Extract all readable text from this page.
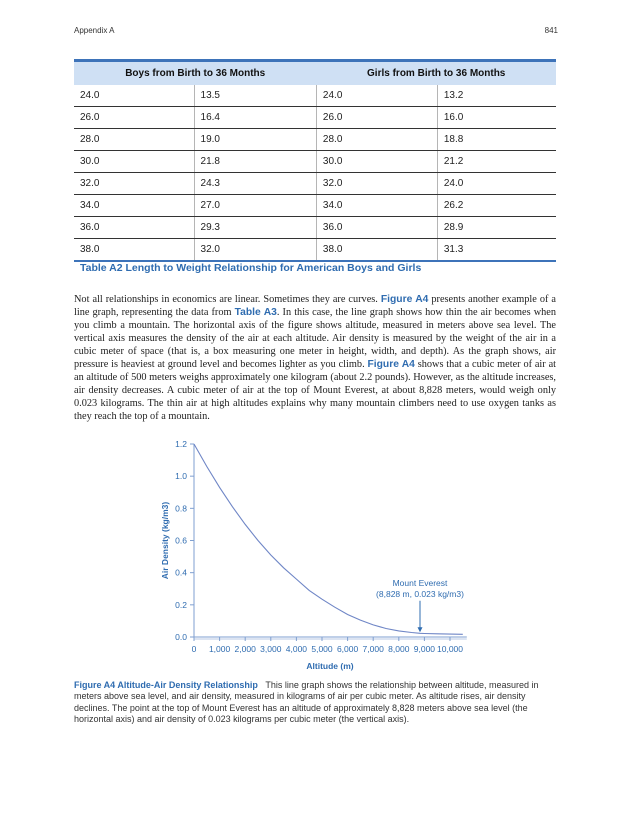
Appendix A	841
Boys from Birth to 36 Months		Girls from Birth to 36 Months	
24.0	13.5	24.0	13.2
26.0	16.4	26.0	16.0
28.0	19.0	28.0	18.8
30.0	21.8	30.0	21.2
32.0	24.3	32.0	24.0
34.0	27.0	34.0	26.2
36.0	29.3	36.0	28.9
38.0	32.0	38.0	31.3
Table A2 Length to Weight Relationship for American Boys and Girls

Not all relationships in economics are linear. Sometimes they are curves. Figure A4 presents another example of a line graph, representing the data from Table A3. In this case, the line graph shows how thin the air becomes when you climb a mountain. The horizontal axis of the figure shows altitude, measured in meters above sea level. The vertical axis measures the density of the air at each altitude. Air density is measured by the weight of the air in a cubic meter of space (that is, a box measuring one meter in height, width, and depth). As the graph shows, air pressure is heaviest at ground level and becomes lighter as you climb. Figure A4 shows that a cubic meter of air at an altitude of 500 meters weighs approximately one kilogram (about 2.2 pounds). However, as the altitude increases, air density decreases. A cubic meter of air at the top of Mount Everest, at about 8,828 meters, would weigh only 0.023 kilograms. The thin air at high altitudes explains why many mountain climbers need to use oxygen tanks as they reach the top of a mountain.

0.0
0.2
0.4
0.6
0.8
1.0
1.2
0 1,000 2,000 3,000 4,000 5,000 6,000 7,000 8,000 9,000 10,000
Altitude (m)
Air Density (kg/m3)
Mount Everest
(8,828 m, 0.023 kg/m3)

Figure A4 Altitude-Air Density Relationship This line graph shows the relationship between altitude, measured in meters above sea level, and air density, measured in kilograms of air per cubic meter. As altitude rises, air density declines. The point at the top of Mount Everest has an altitude of approximately 8,828 meters above sea level (the horizontal axis) and air density of 0.023 kilograms per cubic meter (the vertical axis).
